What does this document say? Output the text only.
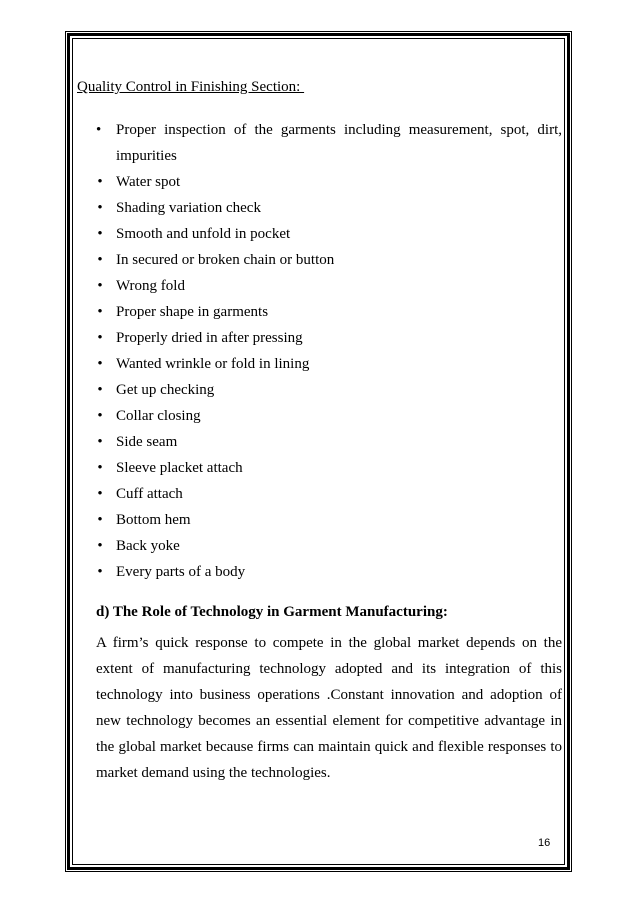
Quality Control in Finishing Section:
• Proper inspection of the garments including measurement, spot, dirt, impurities
• Water spot
• Shading variation check
• Smooth and unfold in pocket
• In secured or broken chain or button
• Wrong fold
• Proper shape in garments
• Properly dried in after pressing
• Wanted wrinkle or fold in lining
• Get up checking
• Collar closing
• Side seam
• Sleeve placket attach
• Cuff attach
• Bottom hem
• Back yoke
• Every parts of a body
d) The Role of Technology in Garment Manufacturing:

A firm’s quick response to compete in the global market depends on the extent of manufacturing technology adopted and its integration of this technology into business operations .Constant innovation and adoption of new technology becomes an essential element for competitive advantage in the global market because firms can maintain quick and flexible responses to market demand using the technologies.

16
